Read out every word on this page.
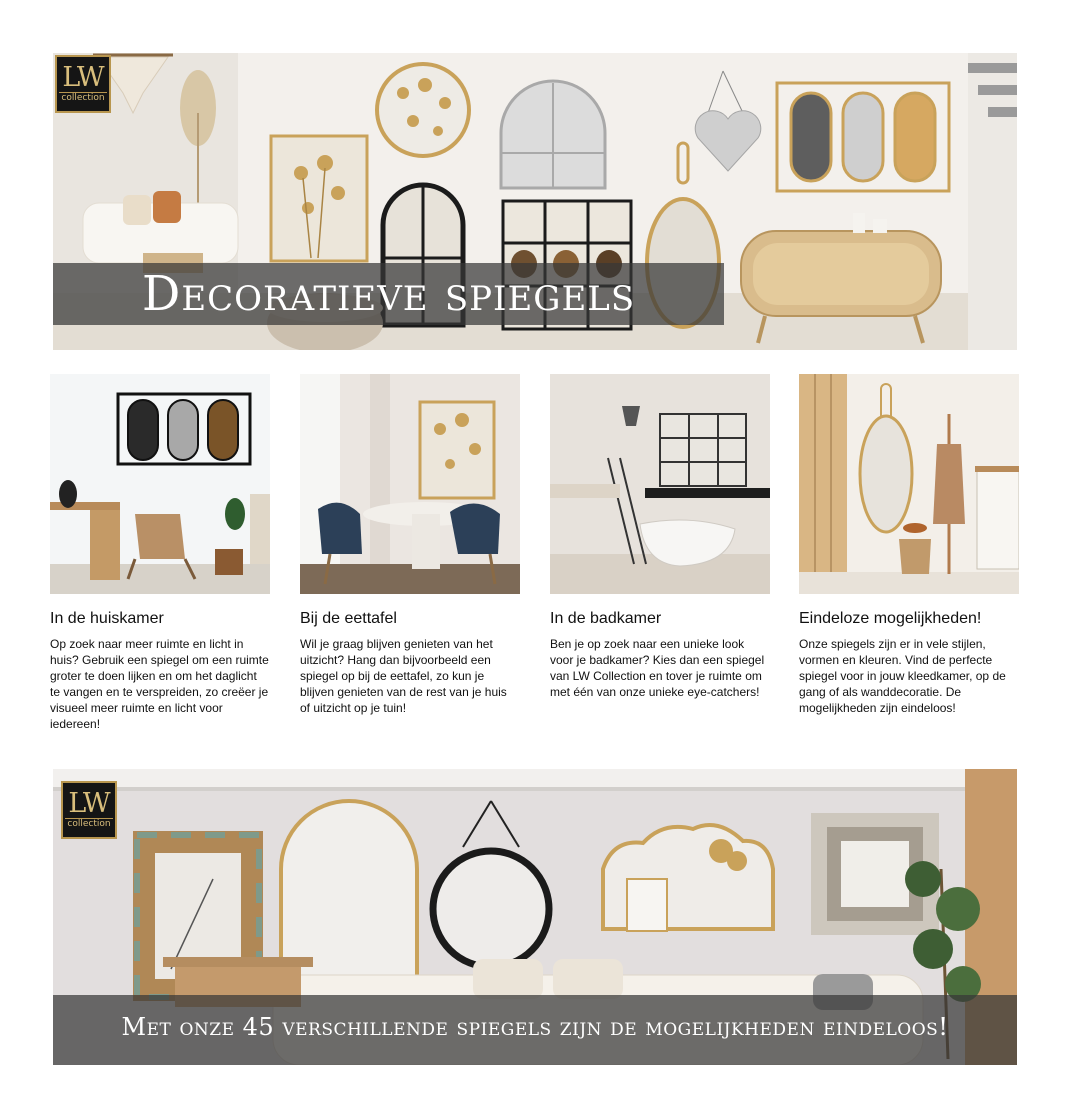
LW
collection
Decoratieve spiegels
In de huiskamer

Op zoek naar meer ruimte en licht in huis? Gebruik een spiegel om een ruimte groter te doen lijken en om het daglicht te vangen en te verspreiden, zo creëer je visueel meer ruimte en licht voor iedereen!

Bij de eettafel

Wil je graag blijven genieten van het uitzicht? Hang dan bijvoorbeeld een spiegel op bij de eettafel, zo kun je blijven genieten van de rest van je huis of uitzicht op je tuin!

In de badkamer

Ben je op zoek naar een unieke look voor je badkamer? Kies dan een spiegel van LW Collection en tover je ruimte om met één van onze unieke eye-catchers!

Eindeloze mogelijkheden!

Onze spiegels zijn er in vele stijlen, vormen en kleuren. Vind de perfecte spiegel voor in jouw kleedkamer, op de gang of als wanddecoratie. De mogelijkheden zijn eindeloos!

LW
collection
Met onze 45 verschillende spiegels zijn de mogelijkheden eindeloos!
